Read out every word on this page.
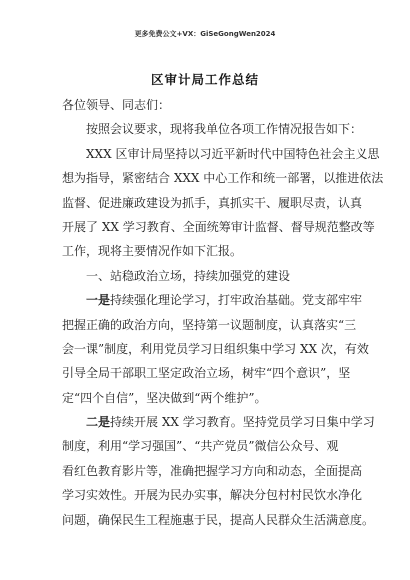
更多免费公文+VX：GiSeGongWen2024
区审计局工作总结
各位领导、同志们：
按照会议要求，现将我单位各项工作情况报告如下：
XXX 区审计局坚持以习近平新时代中国特色社会主义思
想为指导，紧密结合 XXX 中心工作和统一部署，以推进依法
监督、促进廉政建设为抓手，真抓实干、履职尽责，认真
开展了 XX 学习教育、全面统筹审计监督、督导规范整改等
工作，现将主要情况作如下汇报。
一、站稳政治立场，持续加强党的建设
一是持续强化理论学习，打牢政治基础。党支部牢牢
把握正确的政治方向，坚持第一议题制度，认真落实“三
会一课”制度，利用党员学习日组织集中学习 XX 次，有效
引导全局干部职工坚定政治立场，树牢“四个意识”，坚
定“四个自信”，坚决做到“两个维护”。
二是持续开展 XX 学习教育。坚持党员学习日集中学习
制度，利用“学习强国”、“共产党员”微信公众号、观
看红色教育影片等，准确把握学习方向和动态，全面提高
学习实效性。开展为民办实事，解决分包村村民饮水净化
问题，确保民生工程施惠于民，提高人民群众生活满意度。
